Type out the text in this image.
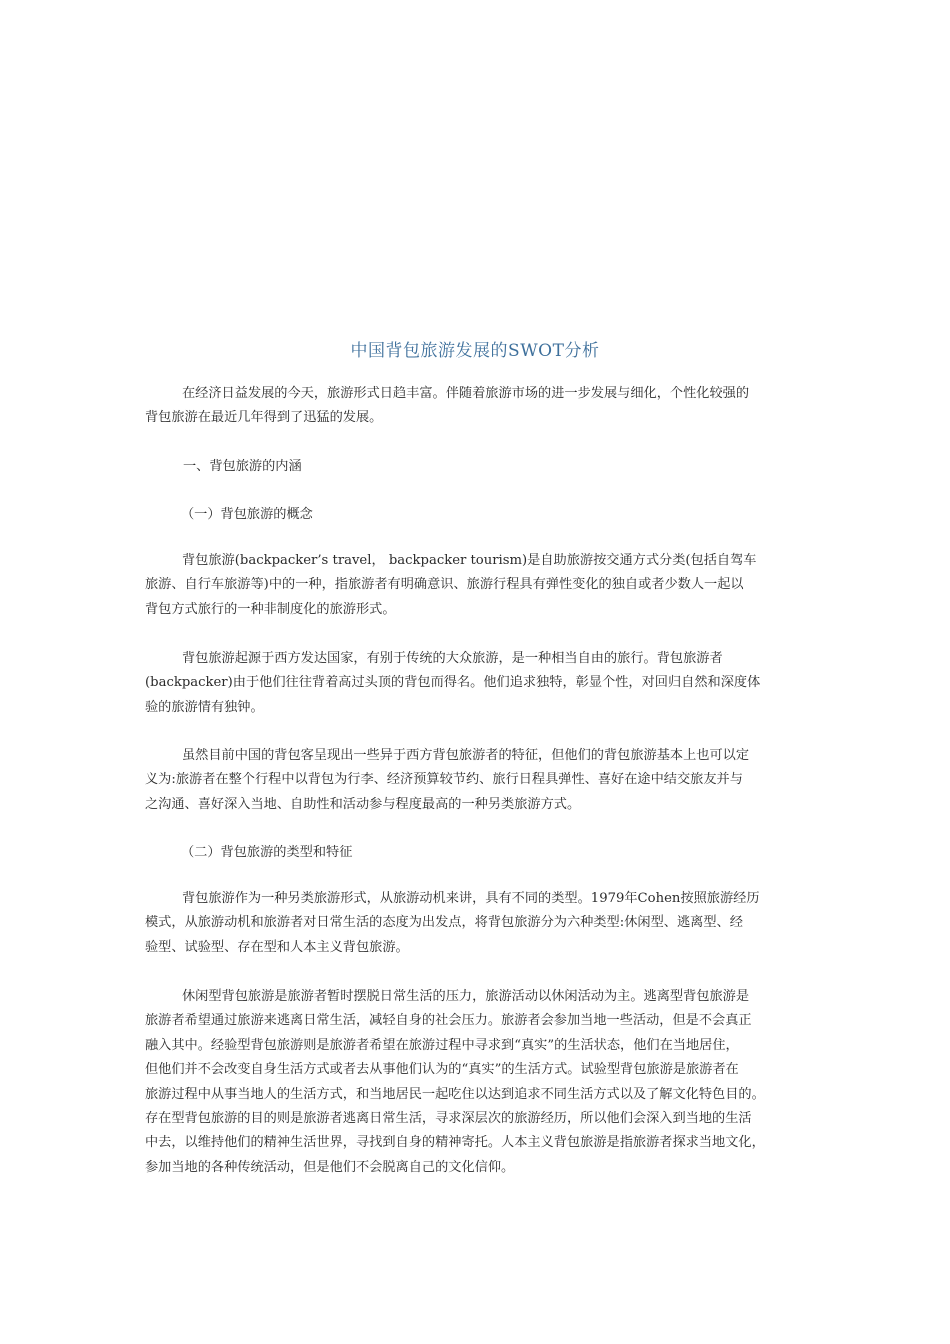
中国背包旅游发展的SWOT分析
在经济日益发展的今天，旅游形式日趋丰富。伴随着旅游市场的进一步发展与细化，个性化较强的
背包旅游在最近几年得到了迅猛的发展。
一、背包旅游的内涵
（一）背包旅游的概念
背包旅游(backpacker’s travel， backpacker tourism)是自助旅游按交通方式分类(包括自驾车
旅游、自行车旅游等)中的一种，指旅游者有明确意识、旅游行程具有弹性变化的独自或者少数人一起以
背包方式旅行的一种非制度化的旅游形式。
背包旅游起源于西方发达国家，有别于传统的大众旅游，是一种相当自由的旅行。背包旅游者
(backpacker)由于他们往往背着高过头顶的背包而得名。他们追求独特，彰显个性，对回归自然和深度体
验的旅游情有独钟。
虽然目前中国的背包客呈现出一些异于西方背包旅游者的特征，但他们的背包旅游基本上也可以定
义为:旅游者在整个行程中以背包为行李、经济预算较节约、旅行日程具弹性、喜好在途中结交旅友并与
之沟通、喜好深入当地、自助性和活动参与程度最高的一种另类旅游方式。
（二）背包旅游的类型和特征
背包旅游作为一种另类旅游形式，从旅游动机来讲，具有不同的类型。1979年Cohen按照旅游经历
模式，从旅游动机和旅游者对日常生活的态度为出发点，将背包旅游分为六种类型:休闲型、逃离型、经
验型、试验型、存在型和人本主义背包旅游。
休闲型背包旅游是旅游者暂时摆脱日常生活的压力，旅游活动以休闲活动为主。逃离型背包旅游是
旅游者希望通过旅游来逃离日常生活，减轻自身的社会压力。旅游者会参加当地一些活动，但是不会真正
融入其中。经验型背包旅游则是旅游者希望在旅游过程中寻求到“真实”的生活状态，他们在当地居住，
但他们并不会改变自身生活方式或者去从事他们认为的“真实”的生活方式。试验型背包旅游是旅游者在
旅游过程中从事当地人的生活方式，和当地居民一起吃住以达到追求不同生活方式以及了解文化特色目的。
存在型背包旅游的目的则是旅游者逃离日常生活，寻求深层次的旅游经历，所以他们会深入到当地的生活
中去，以维持他们的精神生活世界，寻找到自身的精神寄托。人本主义背包旅游是指旅游者探求当地文化，
参加当地的各种传统活动，但是他们不会脱离自己的文化信仰。
